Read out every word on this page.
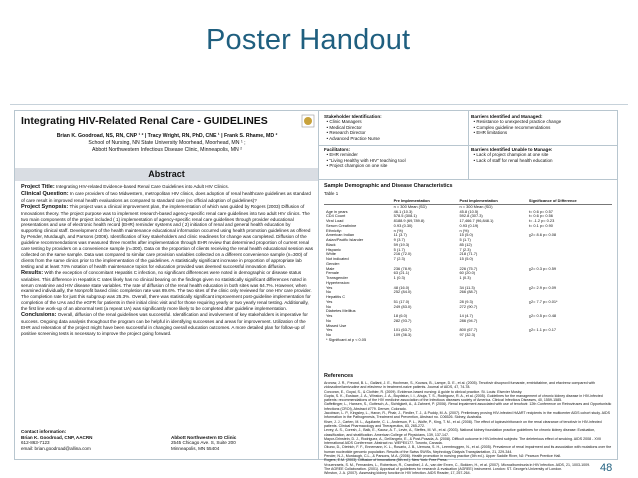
Poster Handout
Integrating HIV-Related Renal Care - GUIDELINES
Brian K. Goodroad, NS, RN, CNP ¹ ² | Tracy Wright, RN, PhD, CNE ¹ | Frank S. Rhame, MD ²
School of Nursing, NN State University Moorhead, Moorhead, MN ¹ ;
Abbott Northwestern Infectious Disease Clinic, Minneapolis, MN ²
Abstract
Project Title: Integrating HIV-related Evidence-based Renal Care Guidelines into Adult HIV Clinics.
Clinical Question: In care providers of two Midwestern, metropolitan HIV clinics, does adoption of renal healthcare guidelines as standard of care result in improved renal health evaluations as compared to standard care (no official adoption of guidelines)?
Project Synopsis: This project was a clinical improvement plan, the implementation of which was guided by Rogers (2003) Diffusion of Innovations theory. The project purpose was to implement research-based agency-specific renal care guidelines into two adult HIV clinics. The two main components of the project included ( 1) implementation of agency-specific renal care guidelines through provider educational presentations and use of electronic health record (EHR) reminder systems and ( 2) initiation of renal and general health education by supporting clinical staff. Development of the health maintenance educational information occurred using health promotion guidelines as offered by Pender, Murdaugh, and Parsons (2006). Identification of key stakeholders and clinic readiness for change was completed. Diffusion of the guideline recommendations was measured three months after implementation through EHR review that determined proportion of current renal care testing by providers on a convenience sample (n=300). Data on the proportion of clients receiving the renal health educational session was collected on the same sample. Data was compared to similar care provision variables collected on a different convenience sample (n=300) of clients from the same clinics prior to the implementation of the guidelines. A statistically significant increase in proportion of appropriate lab testing and at least 74% notation of health maintenance topics for education provided was deemed successful innovation diffusion.
Results: With the exception of concomitant Hepatitis C infection, no significant differences were noted in demographic or disease status variables. This difference in Hepatitis C rates likely has no clinical bearing on the findings given no statistically significant differences noted in serum creatinine and HIV disease state variables. The rate of diffusion of the renal health education in both sites was 64.7%. However, when examined individually, the Nonprofit based clinic completion rate was 89.6%. The two sites of the clinic only reviewed for one HIV care provider. The completion rate for just this subgroup was 25.3%. Overall, there was statistically significant improvement post-guideline implementation for completion of the UAs and the eGFR for patients in their initial clinic visit and for those requiring yearly or two yearly renal testing. Additionally, the first line work-up of an abnormal test (a repeat UA) was significantly more likely to be completed after guideline implementation.
Conclusions: Overall, diffusion of the renal guidelines was successful. Identification and involvement of key stakeholders is imperative for success. Ongoing data analysis throughout the program can be helpful in identifying successes and areas for improvement. Utilization of the EHR and reiteration of the project might have been successful in changing overall education outcomes. A more detailed plan for follow-up of positive screening tests is necessary to improve the project going forward.
Contact information:
Brian K. Goodroad, CNP, AACRN
612-863-7123
email: brian.goodroad@allina.com
Abbott Northwestern ID Clinic
2545 Chicago Ave. S, Suite 200
Minneapolis, MN 55404
Stakeholder Identification:
• Clinic Managers
• Medical Director
• Research Director
• Advanced Practice Nurse
Barriers Identified and Managed:
• Resistance to unexpected practice change
• Complex guideline recommendations
• EHR limitations
Facilitators:
• EHR reminder
• "Living Healthy with HIV" teaching tool
• Project champion on one site
Barriers Identified Unable to Manage:
• Lack of project champion at one site
• Lack of staff for renal health education
Sample Demographic and Disease Characteristics
Table 1
	Pre Implementation	Post Implementation	Significance of Difference
	n = 300 Mean (SD)	n = 300 Mean (SD)	
Age in years	46.1 (10.3)	45.8 (10.5)	t= 0.6 p= 0.57
CD4 Count	578.5 (308.1)	592.8 (307.3)	t= 0.6 p= 0.56
Viral Load	8188.9 (69,789.8)	17,466.7 (96,848.1)	t= -1.2 p= 0.23
Serum Creatinine	0.93 (0.30)	0.93 (0.19)	t= 0.1 p= 0.90
Ethnicity:	n (%)	n (%)	
American Indian	11 (3.7)	15 (5.0)	χ2= 8.6 p= 0.08
Asian/Pacific Islander	9 (3.7)	5 (1.7)	
Black	59 (19.3)	85 (12)	
Hispanic	5 (1.7)	7 (2.3)	
White	216 (72.0)	218 (71.7)	
Not indicated	7 (2.3)	15 (5.0)	
Gender:			
Male	236 (78.9)	226 (75.7)	χ2= 0.3 p= 0.59
Female	63 (21.1)	60 (20.0)	
Transgender	1 (0.3)	1 (0.3)	
Hypertension:			
Yes	48 (16.0)	34 (11.3)	χ2= 2.9 p= 0.09
No	252 (84.0)	266 (88.7)	
Hepatitis C			
Yes	51 (17.0)	28 (9.3)	χ2= 7.7 p= 0.01*
No	249 (83.0)	272 (90.7)	
Diabetes Mellitus			
Yes	18 (6.0)	14 (4.7)	χ2= 0.5 p= 0.48
No	282 (93.7)	286 (94.7)	
Missed Use			
Yes	101 (63.7)	800 (67.7)	χ2= 1.1 p= 0.17
No	109 (36.3)	97 (32.3)	
* Significant at p < 0.05			
References
Aronow, J. R., Freund, B. L., Gallant, J. E., Hochman, S., Kovacs, B., Lampe, D. E., et al. (2005). Tenofovir disoproxil fumarate, emtricitabine, and efavirenz compared with zidovudine/lamivudine and efavirenz in treatment-naive patients. Journal of AIDS, 47, 74-78.
Corcoran, E., Goyal, S., & Clothier, R. (2009). Evidence-based nursing: A guide to clinical practice. St. Louis: Elsevier Mosby.
Gupta, S. K., Eustace, J. A., Winston, J. A., Boydstun, I. I., Ahuja, T. S., Rodriguez, R. A., et al. (2005). Guidelines for the management of chronic kidney disease in HIV-infected patients: recommendations of the HIV medicine association of the Infectious diseases society of America. Clinical Infectious Diseases, 40, 1559-1585.
Gaffeltinger, L., Hansen, S., Gottesch, A., Sichtigkeit, A., & Zahnert, P. (2006). Renal impairment associated with use of tenofovir. 12th Conference on Retroviruses and Opportunistic Infections (CROI), Abstract #779. Denver, Colorado.
Jacobson, L. P., Kingsley, L., Haron, R., Phair, J., Fiedler, T. J., & Puddy, M. A. (2007). Preliminary proving HIV-infected HAART recipients in the multicenter AIDS cohort study. AIDS Information in the Pathogenesis, Treatment and Prevention, Abstract no. C06526. Sidney, Australia.
Kiser, J. J., Carten, M. L., Aquilante, C. L., Anderson, P. L., Wolfe, P., King, T. M., et al. (2008). The effect of lopinavir/ritonavir on the renal clearance of tenofovir in HIV-infected patients. Clinical Pharmacology and Therapeutics, 83, 265-272.
Levey, A. S., Coresh, J., Balk, E., Kausz, A. T., Levin, A., Steffes, M. W., et al. (2003). National kidney foundation practice guidelines for chronic kidney disease: Evaluation, classification, and stratification. American College of Physicians, 139, 137-147.
Mayor-Grinstein, D. J., Rodriguez, A., Dell'angelo, E., & Post-Posada, A. (2008). Difficult outcome in HIV-infected subjects: The deleterious effect of smoking. AIDS 2008 - XVII International AIDS Conference. Abstract no. WEPE0177. Toronto, Canada.
Okuno, D., Dietrich, F. F., Ennemann, K. L., Rosario, J. B., Uemura, S. H., Leembruggen, N., et al. (2005). Prevalence of renal impairment and its association with mutations over the human nucleotide genomic population. Results of the Swiss SWISs, Nephrology Dialysis Transplantation, 21, 229-344.
Pender, N.J., Murdaugh, C.L., & Parsons, M.A. (2006). Health promotion in nursing practice (5th ed.). Upper Saddle River, NJ: Pearson Prentice Hall.
Rogers, E.M. (2003). Diffusion of innovations (5th ed.). New York: Free Press.
Vrouenraets, S. M., Fernandes, L., Robertson, R., Crandinel, J. A., van der Erven, C., Bokken, H., et al. (2007). Microalbuminuria in HIV infection. AIDS, 21, 1003-1009.
The AGREE Collaboration. (2001). Appraisal of guidelines for research & evaluation (AGREE) instrument. London: ST. George's University of London.
Winston, J. A. (2007). Assessing kidney function in HIV infection. AIDS Reader, 17, 257-264.	48
